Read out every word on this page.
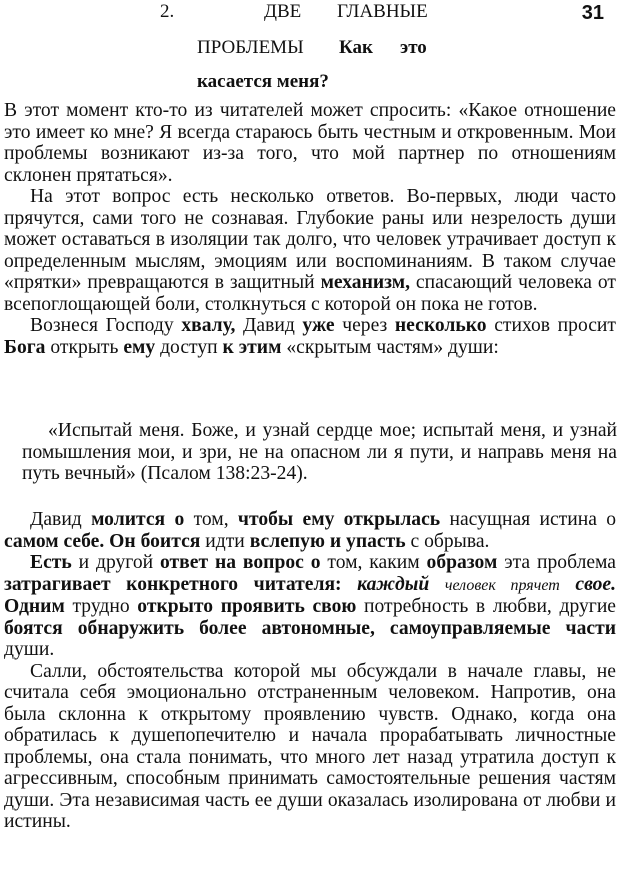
31
2.	ДВЕ ГЛАВНЫЕ
ПРОБЛЕМЫ Как это
касается меня?

В этот момент кто-то из читателей может спросить: «Какое отношение это имеет ко мне? Я всегда стараюсь быть честным и откровенным. Мои проблемы возникают из-за того, что мой партнер по отношениям склонен прятаться».

На этот вопрос есть несколько ответов. Во-первых, люди часто прячутся, сами того не сознавая. Глубокие раны или незрелость души может оставаться в изоляции так долго, что человек утрачивает доступ к определенным мыслям, эмоциям или воспоминаниям. В таком случае «прятки» превращаются в защитный механизм, спасающий человека от всепоглощающей боли, столкнуться с которой он пока не готов.

Вознеся Господу хвалу, Давид уже через несколько стихов просит Бога открыть ему доступ к этим «скрытым частям» души:

«Испытай меня. Боже, и узнай сердце мое; испытай меня, и узнай помышления мои, и зри, не на опасном ли я пути, и направь меня на путь вечный» (Псалом 138:23-24).

Давид молится о том, чтобы ему открылась насущная истина о самом себе. Он боится идти вслепую и упасть с обрыва.

Есть и другой ответ на вопрос о том, каким образом эта проблема затрагивает конкретного читателя: каждый человек прячет свое. Одним трудно открыто проявить свою потребность в любви, другие боятся обнаружить более автономные, самоуправляемые части души.

Салли, обстоятельства которой мы обсуждали в начале главы, не считала себя эмоционально отстраненным человеком. Напротив, она была склонна к открытому проявлению чувств. Однако, когда она обратилась к душепопечителю и начала прорабатывать личностные проблемы, она стала понимать, что много лет назад утратила доступ к агрессивным, способным принимать самостоятельные решения частям души. Эта независимая часть ее души оказалась изолирована от любви и истины.
